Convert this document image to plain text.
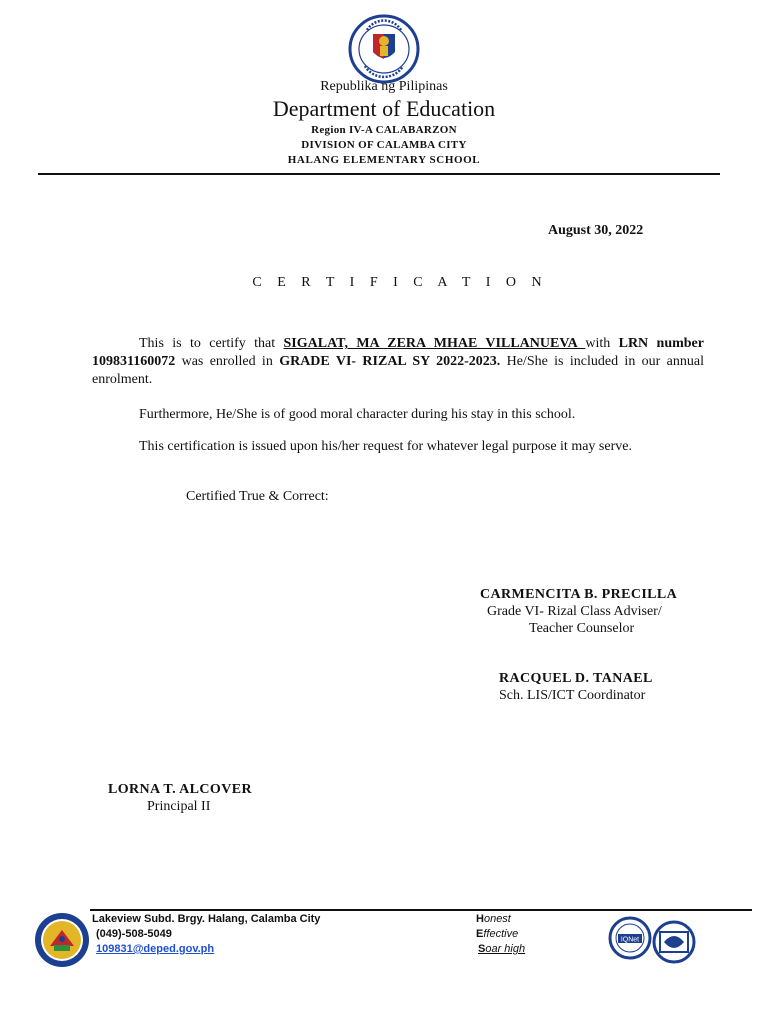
Republika ng Pilipinas
Department of Education
Region IV-A CALABARZON
DIVISION OF CALAMBA CITY
HALANG ELEMENTARY SCHOOL
August 30, 2022
C E R T I F I C A T I O N
This is to certify that SIGALAT, MA ZERA MHAE VILLANUEVA with LRN number 109831160072 was enrolled in GRADE VI- RIZAL SY 2022-2023. He/She is included in our annual enrolment.
Furthermore, He/She is of good moral character during his stay in this school.
This certification is issued upon his/her request for whatever legal purpose it may serve.
Certified True & Correct:
CARMENCITA B. PRECILLA
Grade VI- Rizal Class Adviser/
Teacher Counselor
RACQUEL D. TANAEL
Sch. LIS/ICT Coordinator
LORNA T. ALCOVER
Principal II
Lakeview Subd. Brgy. Halang, Calamba City
(049)-508-5049
109831@deped.gov.ph
Honest
Effective
Soar high
IQNet
